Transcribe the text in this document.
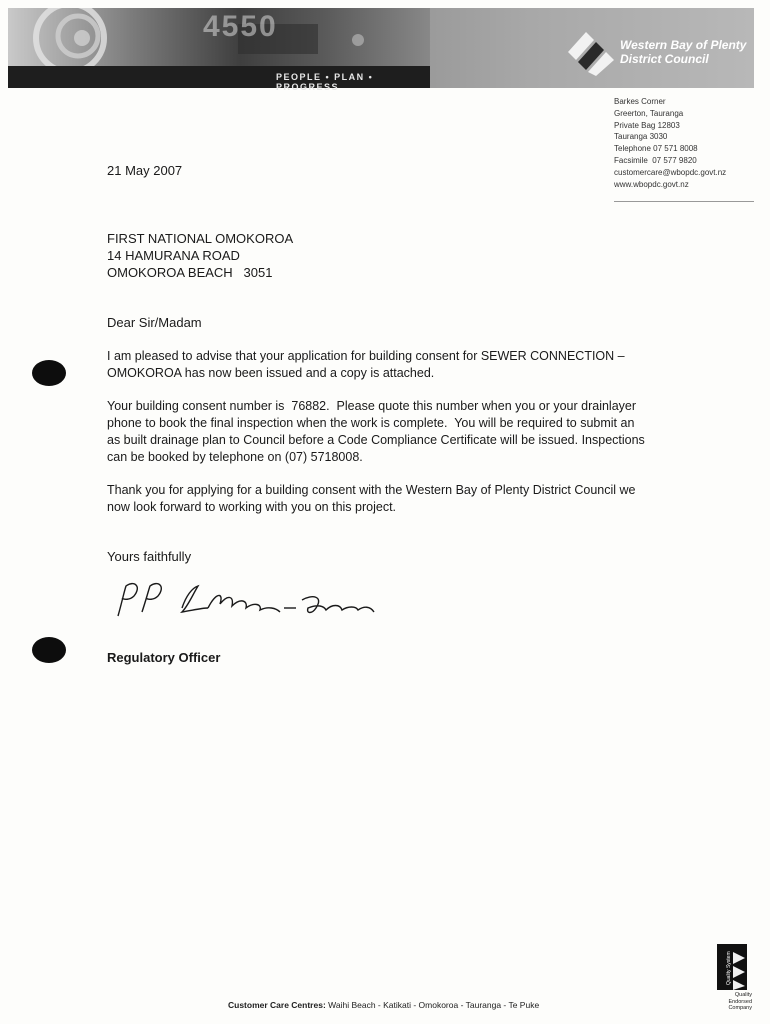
4550
PEOPLE • PLAN • PROGRESS
Western Bay of Plenty
District Council
Barkes Corner
Greerton, Tauranga
Private Bag 12803
Tauranga 3030
Telephone 07 571 8008
Facsimile  07 577 9820
customercare@wbopdc.govt.nz
www.wbopdc.govt.nz
21 May 2007
FIRST NATIONAL OMOKOROA
14 HAMURANA ROAD
OMOKOROA BEACH   3051
Dear Sir/Madam
I am pleased to advise that your application for building consent for SEWER CONNECTION – OMOKOROA has now been issued and a copy is attached.
Your building consent number is  76882.  Please quote this number when you or your drainlayer phone to book the final inspection when the work is complete.  You will be required to submit an as built drainage plan to Council before a Code Compliance Certificate will be issued. Inspections can be booked by telephone on (07) 5718008.
Thank you for applying for a building consent with the Western Bay of Plenty District Council we now look forward to working with you on this project.
Yours faithfully
Regulatory Officer
Quality System
Quality
Endorsed
Company
Customer Care Centres: Waihi Beach - Katikati - Omokoroa - Tauranga - Te Puke
